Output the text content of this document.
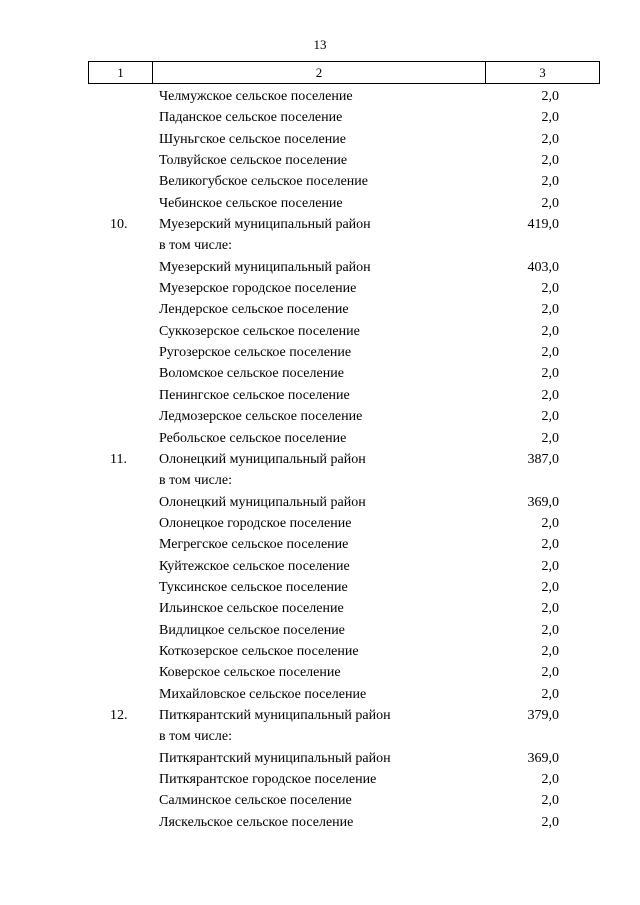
13
1	2	3
Челмужское сельское поселение	2,0
Паданское сельское поселение	2,0
Шуньгское сельское поселение	2,0
Толвуйское сельское поселение	2,0
Великогубское сельское поселение	2,0
Чебинское сельское поселение	2,0
10. Муезерский муниципальный район	419,0
в том числе:
Муезерский муниципальный район	403,0
Муезерское городское поселение	2,0
Лендерское сельское поселение	2,0
Суккозерское сельское поселение	2,0
Ругозерское сельское поселение	2,0
Воломское сельское поселение	2,0
Пенингское сельское поселение	2,0
Ледмозерское сельское поселение	2,0
Ребольское сельское поселение	2,0
11. Олонецкий муниципальный район	387,0
в том числе:
Олонецкий муниципальный район	369,0
Олонецкое городское поселение	2,0
Мегрегское сельское поселение	2,0
Куйтежское сельское поселение	2,0
Туксинское сельское поселение	2,0
Ильинское сельское поселение	2,0
Видлицкое сельское поселение	2,0
Коткозерское сельское поселение	2,0
Коверское сельское поселение	2,0
Михайловское сельское поселение	2,0
12. Питкярантский муниципальный район	379,0
в том числе:
Питкярантский муниципальный район	369,0
Питкярантское городское поселение	2,0
Салминское сельское поселение	2,0
Ляскельское сельское поселение	2,0
